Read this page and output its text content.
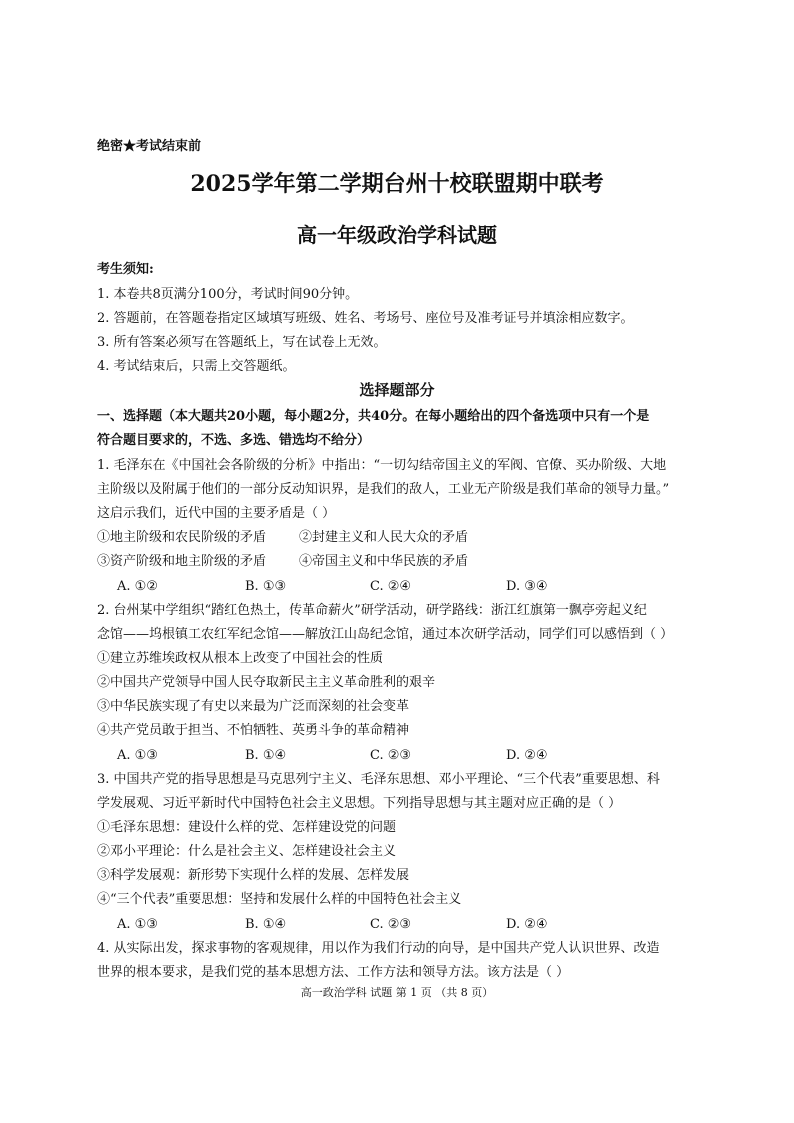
绝密★考试结束前
2025学年第二学期台州十校联盟期中联考
高一年级政治学科试题
考生须知:
1. 本卷共8页满分100分，考试时间90分钟。
2. 答题前，在答题卷指定区域填写班级、姓名、考场号、座位号及准考证号并填涂相应数字。
3. 所有答案必须写在答题纸上，写在试卷上无效。
4. 考试结束后，只需上交答题纸。
选择题部分
一、选择题（本大题共20小题，每小题2分，共40分。在每小题给出的四个备选项中只有一个是
符合题目要求的，不选、多选、错选均不给分）
1. 毛泽东在《中国社会各阶级的分析》中指出：“一切勾结帝国主义的军阀、官僚、买办阶级、大地
主阶级以及附属于他们的一部分反动知识界，是我们的敌人，工业无产阶级是我们革命的领导力量。”
这启示我们，近代中国的主要矛盾是（ ）
①地主阶级和农民阶级的矛盾        ②封建主义和人民大众的矛盾
③资产阶级和地主阶级的矛盾        ④帝国主义和中华民族的矛盾
A. ①②	B. ①③	C. ②④	D. ③④
2. 台州某中学组织“踏红色热土，传革命薪火”研学活动，研学路线：浙江红旗第一飘亭旁起义纪
念馆——坞根镇工农红军纪念馆——解放江山岛纪念馆，通过本次研学活动，同学们可以感悟到（ ）
①建立苏维埃政权从根本上改变了中国社会的性质
②中国共产党领导中国人民夺取新民主主义革命胜利的艰辛
③中华民族实现了有史以来最为广泛而深刻的社会变革
④共产党员敢于担当、不怕牺牲、英勇斗争的革命精神
A. ①③	B. ①④	C. ②③	D. ②④
3. 中国共产党的指导思想是马克思列宁主义、毛泽东思想、邓小平理论、“三个代表”重要思想、科
学发展观、习近平新时代中国特色社会主义思想。下列指导思想与其主题对应正确的是（ ）
①毛泽东思想：建设什么样的党、怎样建设党的问题
②邓小平理论：什么是社会主义、怎样建设社会主义
③科学发展观：新形势下实现什么样的发展、怎样发展
④“三个代表”重要思想：坚持和发展什么样的中国特色社会主义
A. ①③	B. ①④	C. ②③	D. ②④
4. 从实际出发，探求事物的客观规律，用以作为我们行动的向导，是中国共产党人认识世界、改造
世界的根本要求，是我们党的基本思想方法、工作方法和领导方法。该方法是（ ）
高一政治学科 试题 第 1 页 （共 8 页）
